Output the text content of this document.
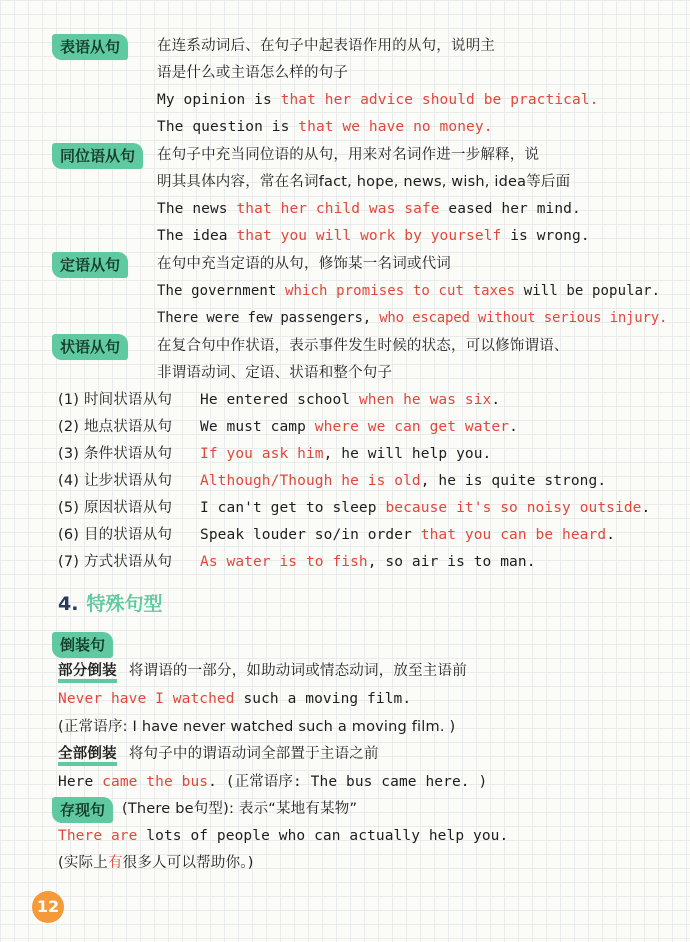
表语从句	在连系动词后、在句子中起表语作用的从句，说明主
语是什么或主语怎么样的句子
My opinion is that her advice should be practical.
The question is that we have no money.
同位语从句	在句子中充当同位语的从句，用来对名词作进一步解释，说
明其具体内容，常在名词fact, hope, news, wish, idea等后面
The news that her child was safe eased her mind.
The idea that you will work by yourself is wrong.
定语从句	在句中充当定语的从句，修饰某一名词或代词
The government which promises to cut taxes will be popular.
There were few passengers, who escaped without serious injury.
状语从句	在复合句中作状语，表示事件发生时候的状态，可以修饰谓语、
非谓语动词、定语、状语和整个句子
(1) 时间状语从句 He entered school when he was six.
(2) 地点状语从句 We must camp where we can get water.
(3) 条件状语从句 If you ask him, he will help you.
(4) 让步状语从句 Although/Though he is old, he is quite strong.
(5) 原因状语从句 I can't get to sleep because it's so noisy outside.
(6) 目的状语从句 Speak louder so/in order that you can be heard.
(7) 方式状语从句 As water is to fish, so air is to man.
4. 特殊句型
倒装句
部分倒装 将谓语的一部分，如助动词或情态动词，放至主语前
Never have I watched such a moving film.
(正常语序: I have never watched such a moving film. )
全部倒装 将句子中的谓语动词全部置于主语之前
Here came the bus. (正常语序: The bus came here. )
存现句	(There be句型): 表示“某地有某物”
There are lots of people who can actually help you.
(实际上有很多人可以帮助你。)
12
